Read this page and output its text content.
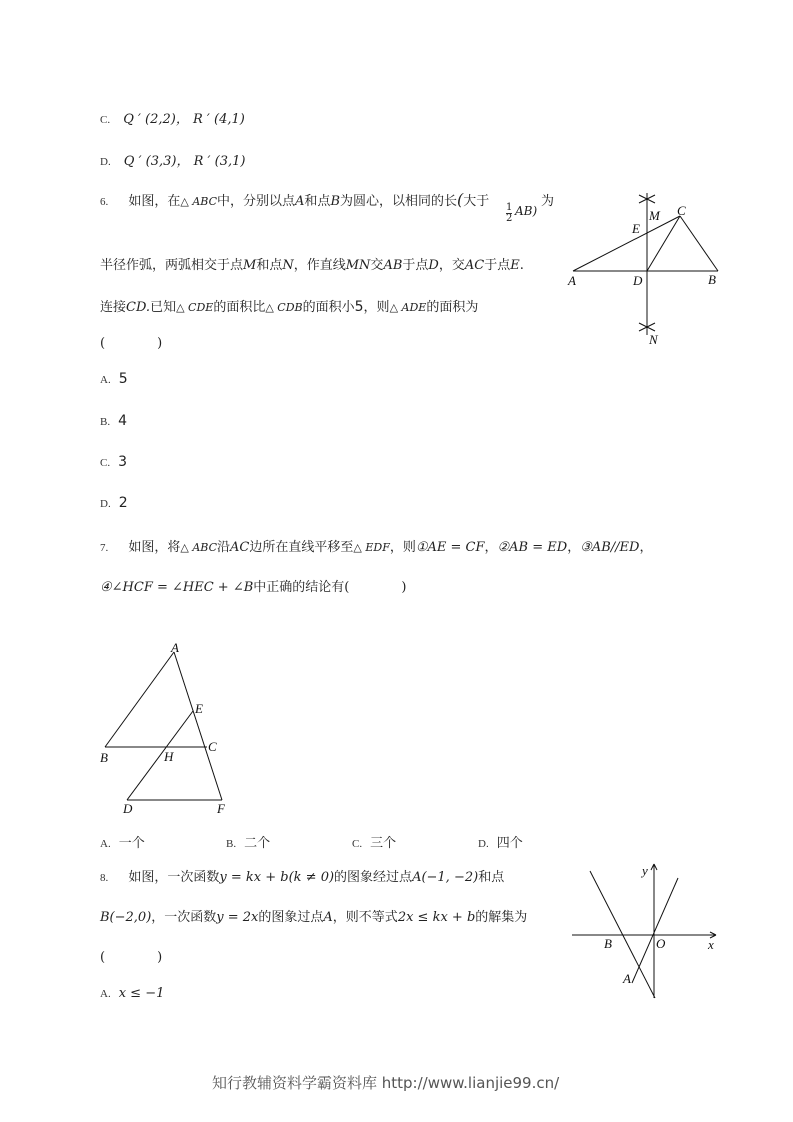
C. Q ′ (2,2)， R ′ (4,1)
D. Q ′ (3,3)， R ′ (3,1)
6. 如图，在△ ABC中，分别以点A和点B为圆心，以相同的长(大于
$\frac{1}{2} AB$)
为
半径作弧，两弧相交于点M和点N，作直线MN交AB于点D，交AC于点E.
连接CD.已知△ CDE的面积比△ CDB的面积小5，则△ ADE的面积为
(　　　　)
A. 5
B. 4
C. 3
D. 2
M C
E
A	D	B
N
7. 如图，将△ ABC沿AC边所在直线平移至△ EDF，则①AE = CF，②AB = ED，③AB//ED，
④∠HCF = ∠HEC + ∠B中正确的结论有(　　　　)
A
E
C
B	H
D	F
A. 一个	B. 二个	C. 三个	D. 四个
8. 如图，一次函数y = kx + b(k ≠ 0)的图象经过点A(−1, −2)和点
B(−2,0)，一次函数y = 2x的图象过点A，则不等式2x ≤ kx + b的解集为
(　　　　)
A. x ≤ −1
y
x
B	O
A
知行教辅资料学霸资料库 http://www.lianjie99.cn/
